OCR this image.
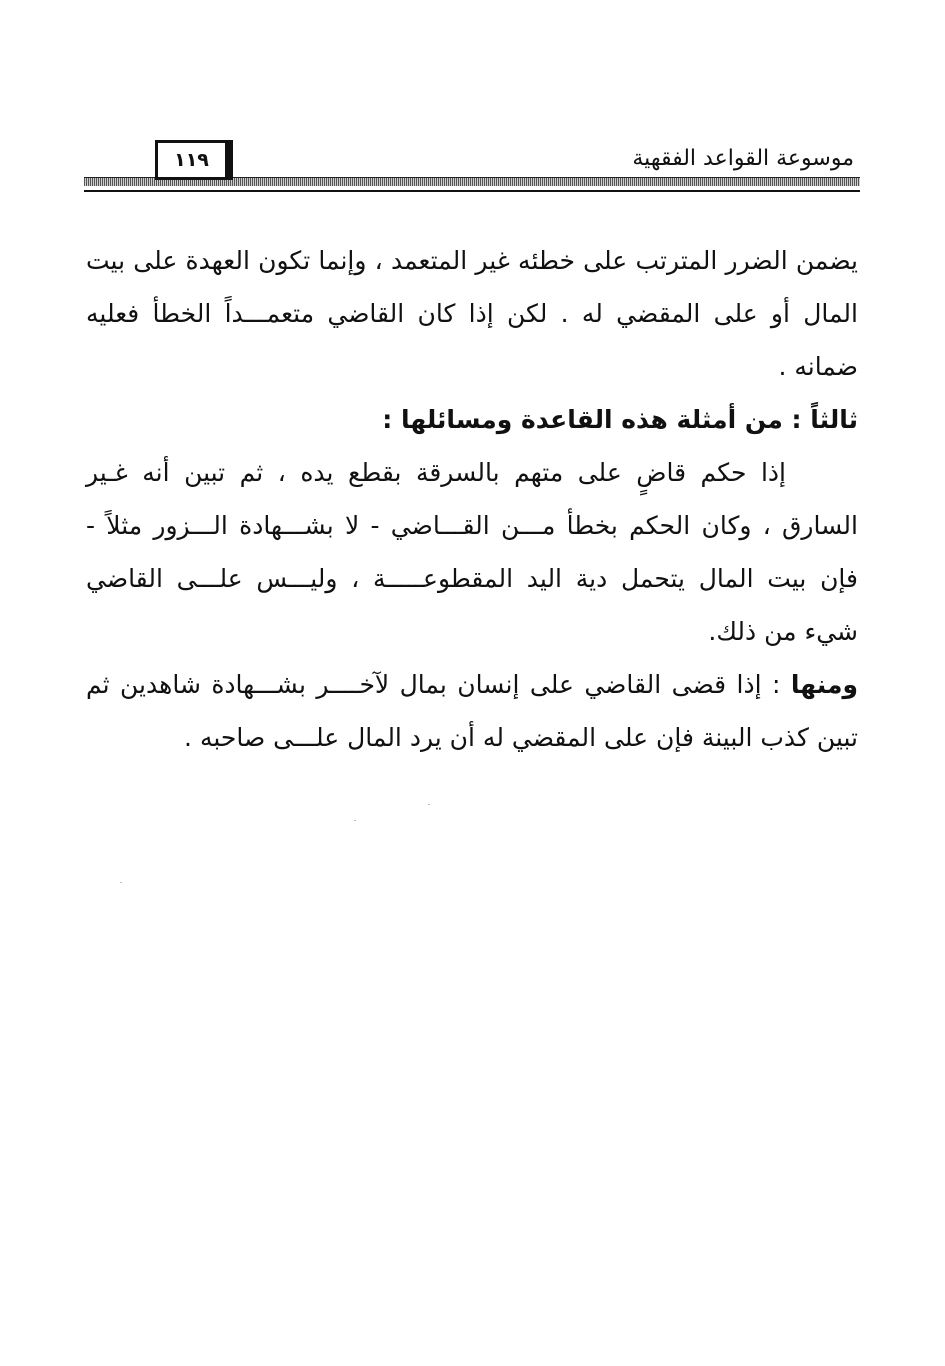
موسوعة القواعد الفقهية
١١٩

يضمن الضرر المترتب على خطئه غير المتعمد ، وإنما تكون العهدة على بيت المال أو على المقضي له . لكن إذا كان القاضي متعمـــداً الخطأ فعليه ضمانه .

ثالثاً : من أمثلة هذه القاعدة ومسائلها :

إذا حكم قاضٍ على متهم بالسرقة بقطع يده ، ثم تبين أنه غـير السارق ، وكان الحكم بخطأ مـــن القـــاضي - لا بشـــهادة الـــزور مثلاً - فإن بيت المال يتحمل دية اليد المقطوعـــــة ، وليـــس علـــى القاضي شيء من ذلك.

ومنها : إذا قضى القاضي على إنسان بمال لآخــــر بشـــهادة شاهدين ثم تبين كذب البينة فإن على المقضي له أن يرد المال علـــى صاحبه .
